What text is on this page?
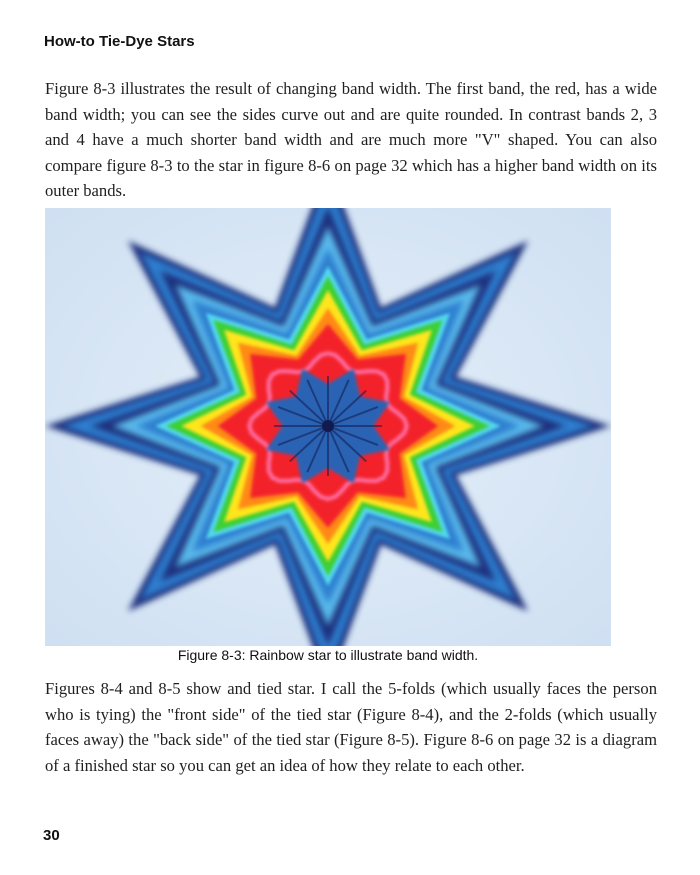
How-to Tie-Dye Stars

Figure 8-3 illustrates the result of changing band width. The first band, the red, has a wide band width; you can see the sides curve out and are quite rounded. In contrast bands 2, 3 and 4 have a much shorter band width and are much more "V" shaped. You can also compare figure 8-3 to the star in figure 8-6 on page 32 which has a higher band width on its outer bands.

Figure 8-3: Rainbow star to illustrate band width.

Figures 8-4 and 8-5 show and tied star. I call the 5-folds (which usually faces the person who is tying) the "front side" of the tied star (Figure 8-4), and the 2-folds (which usually faces away) the "back side" of the tied star (Figure 8-5). Figure 8-6 on page 32 is a diagram of a finished star so you can get an idea of how they relate to each other.

30
